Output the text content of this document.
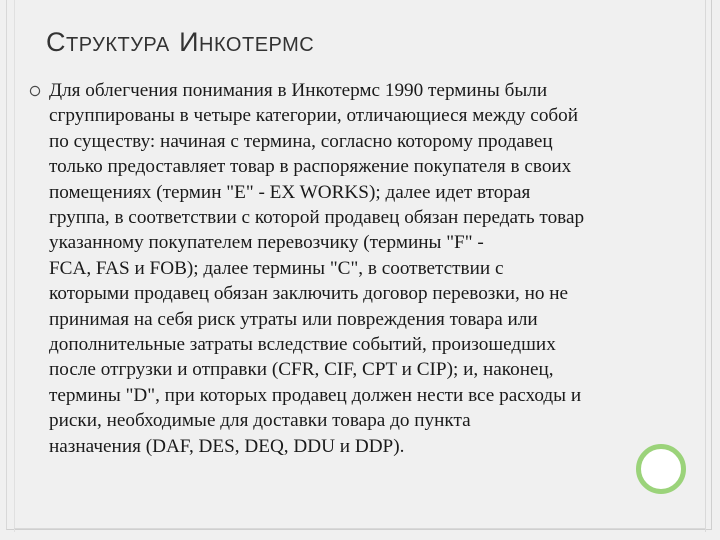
СТРУКТУРА ИНКОТЕРМС

Для облегчения понимания в Инкотермс 1990 термины были
сгруппированы в четыре категории, отличающиеся между собой
по существу: начиная с термина, согласно которому продавец
только предоставляет товар в распоряжение покупателя в своих
помещениях (термин "E" - EX WORKS); далее идет вторая
группа, в соответствии с которой продавец обязан передать товар
указанному покупателем перевозчику (термины "F" -
FCA, FAS и FOB); далее термины "C", в соответствии с
которыми продавец обязан заключить договор перевозки, но не
принимая на себя риск утраты или повреждения товара или
дополнительные затраты вследствие событий, произошедших
после отгрузки и отправки (CFR, CIF, CPT и CIP); и, наконец,
термины "D", при которых продавец должен нести все расходы и
риски, необходимые для доставки товара до пункта
назначения (DAF, DES, DEQ, DDU и DDP).
